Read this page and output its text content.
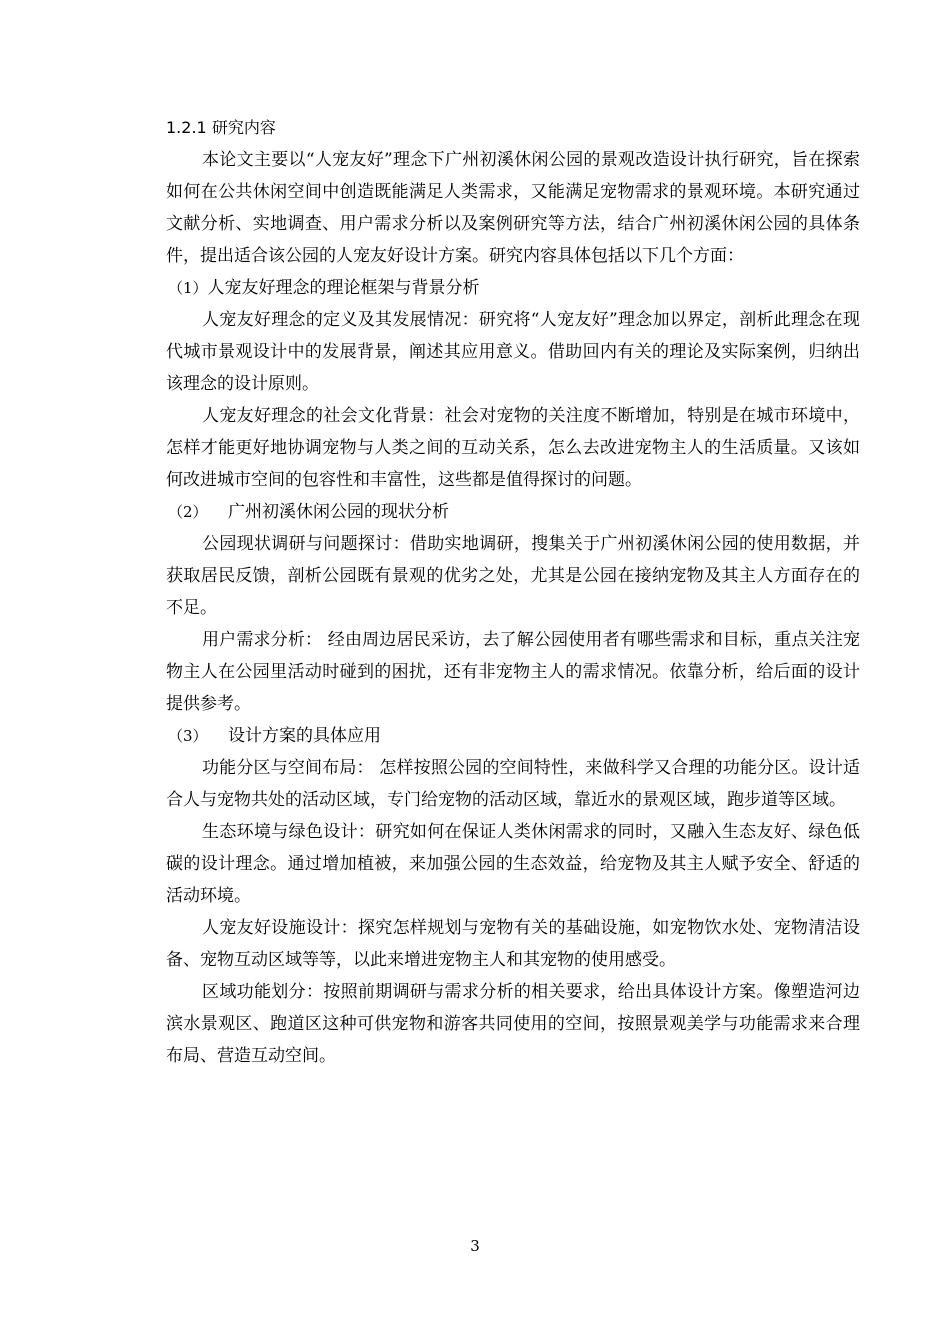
1.2.1 研究内容

本论文主要以“人宠友好”理念下广州初溪休闲公园的景观改造设计执行研究，旨在探索如何在公共休闲空间中创造既能满足人类需求，又能满足宠物需求的景观环境。本研究通过文献分析、实地调查、用户需求分析以及案例研究等方法，结合广州初溪休闲公园的具体条件，提出适合该公园的人宠友好设计方案。研究内容具体包括以下几个方面：

（1）人宠友好理念的理论框架与背景分析

人宠友好理念的定义及其发展情况：研究将“人宠友好”理念加以界定，剖析此理念在现代城市景观设计中的发展背景，阐述其应用意义。借助回内有关的理论及实际案例，归纳出该理念的设计原则。

人宠友好理念的社会文化背景：社会对宠物的关注度不断增加，特别是在城市环境中，怎样才能更好地协调宠物与人类之间的互动关系，怎么去改进宠物主人的生活质量。又该如何改进城市空间的包容性和丰富性，这些都是值得探讨的问题。

（2） 广州初溪休闲公园的现状分析

公园现状调研与问题探讨：借助实地调研，搜集关于广州初溪休闲公园的使用数据，并获取居民反馈，剖析公园既有景观的优劣之处，尤其是公园在接纳宠物及其主人方面存在的不足。

用户需求分析： 经由周边居民采访，去了解公园使用者有哪些需求和目标，重点关注宠物主人在公园里活动时碰到的困扰，还有非宠物主人的需求情况。依靠分析，给后面的设计提供参考。

（3） 设计方案的具体应用

功能分区与空间布局： 怎样按照公园的空间特性，来做科学又合理的功能分区。设计适合人与宠物共处的活动区域，专门给宠物的活动区域，靠近水的景观区域，跑步道等区域。

生态环境与绿色设计：研究如何在保证人类休闲需求的同时，又融入生态友好、绿色低碳的设计理念。通过增加植被，来加强公园的生态效益，给宠物及其主人赋予安全、舒适的活动环境。

人宠友好设施设计：探究怎样规划与宠物有关的基础设施，如宠物饮水处、宠物清洁设备、宠物互动区域等等，以此来增进宠物主人和其宠物的使用感受。

区域功能划分：按照前期调研与需求分析的相关要求，给出具体设计方案。像塑造河边滨水景观区、跑道区这种可供宠物和游客共同使用的空间，按照景观美学与功能需求来合理布局、营造互动空间。

3
